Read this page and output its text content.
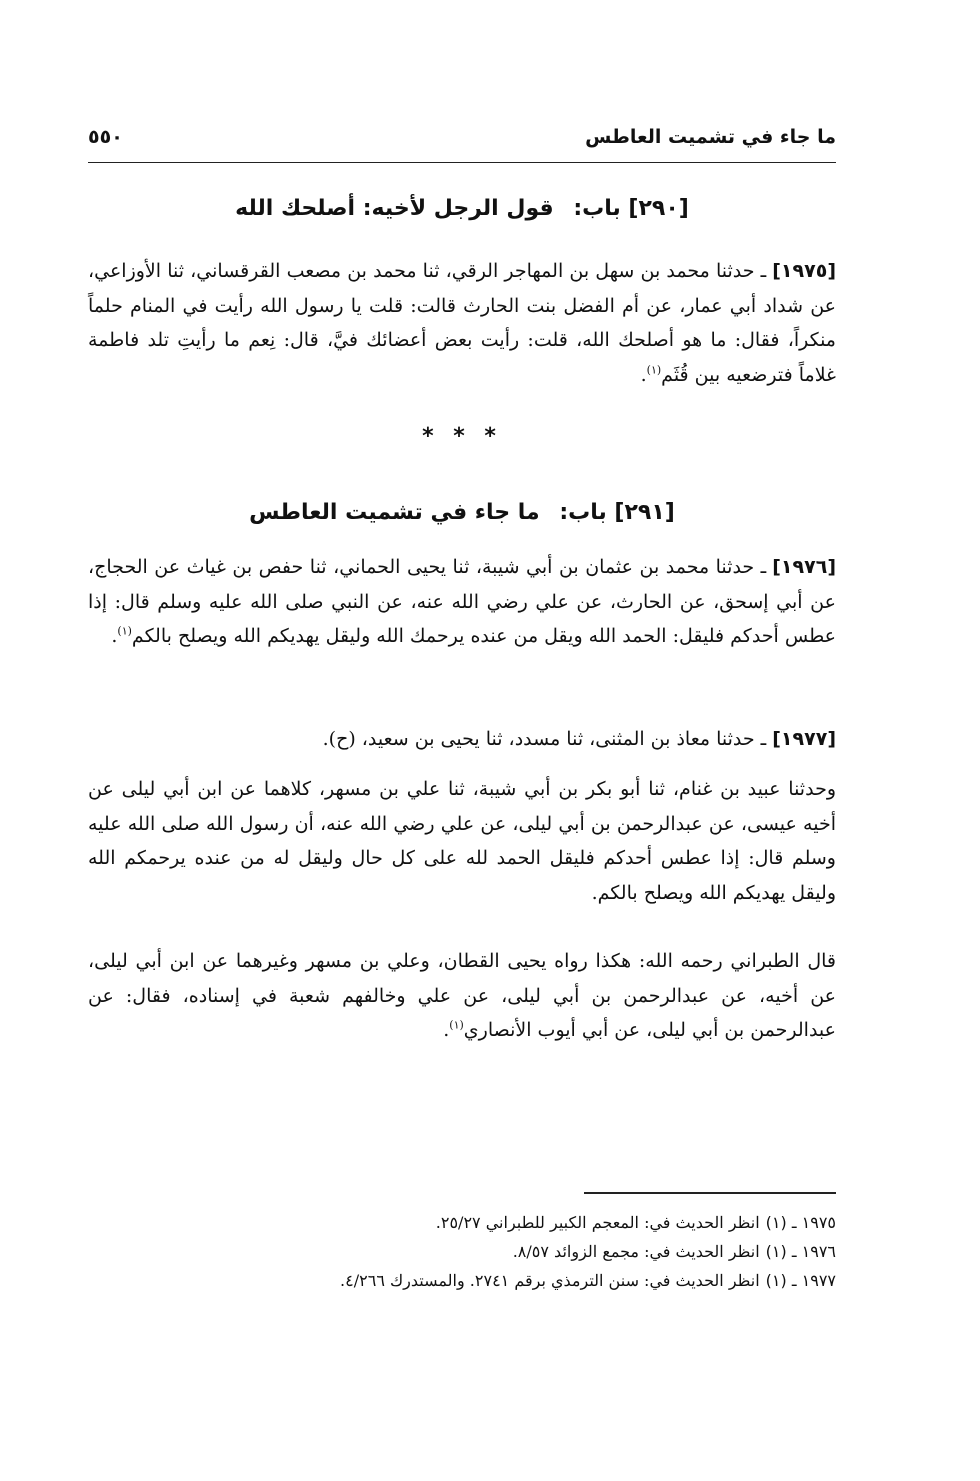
ما جاء في تشميت العاطس
٥٥٠
[٢٩٠] باب: قول الرجل لأخيه: أصلحك الله
[١٩٧٥]ـ حدثنا محمد بن سهل بن المهاجر الرقي، ثنا محمد بن مصعب القرقساني، ثنا الأوزاعي، عن شداد أبي عمار، عن أم الفضل بنت الحارث قالت: قلت يا رسول الله رأيت في المنام حلماً منكراً، فقال: ما هو أصلحك الله، قلت: رأيت بعض أعضائك فيَّ، قال: نِعم ما رأيتِ تلد فاطمة غلاماً فترضعيه بين قُثَم$^{(١)}$.
* * *
[٢٩١] باب: ما جاء في تشميت العاطس
[١٩٧٦]ـ حدثنا محمد بن عثمان بن أبي شيبة، ثنا يحيى الحماني، ثنا حفص بن غياث عن الحجاج، عن أبي إسحق، عن الحارث، عن علي رضي الله عنه، عن النبي صلى الله عليه وسلم قال: إذا عطس أحدكم فليقل: الحمد الله ويقل من عنده يرحمك الله وليقل يهديكم الله ويصلح بالكم$^{(١)}$.
[١٩٧٧]ـ حدثنا معاذ بن المثنى، ثنا مسدد، ثنا يحيى بن سعيد، (ح).
وحدثنا عبيد بن غنام، ثنا أبو بكر بن أبي شيبة، ثنا علي بن مسهر، كلاهما عن ابن أبي ليلى عن أخيه عيسى، عن عبدالرحمن بن أبي ليلى، عن علي رضي الله عنه، أن رسول الله صلى الله عليه وسلم قال: إذا عطس أحدكم فليقل الحمد لله على كل حال وليقل له من عنده يرحمكم الله وليقل يهديكم الله ويصلح بالكم.
قال الطبراني رحمه الله: هكذا رواه يحيى القطان، وعلي بن مسهر وغيرهما عن ابن أبي ليلى، عن أخيه، عن عبدالرحمن بن أبي ليلى، عن علي وخالفهم شعبة في إسناده، فقال: عن عبدالرحمن بن أبي ليلى، عن أبي أيوب الأنصاري$^{(١)}$.
١٩٧٥ ـ (١)انظر الحديث في: المعجم الكبير للطبراني ٢٥/٢٧.
١٩٧٦ ـ (١)انظر الحديث في: مجمع الزوائد ٨/٥٧.
١٩٧٧ ـ (١)انظر الحديث في: سنن الترمذي برقم ٢٧٤١. والمستدرك ٤/٢٦٦.
